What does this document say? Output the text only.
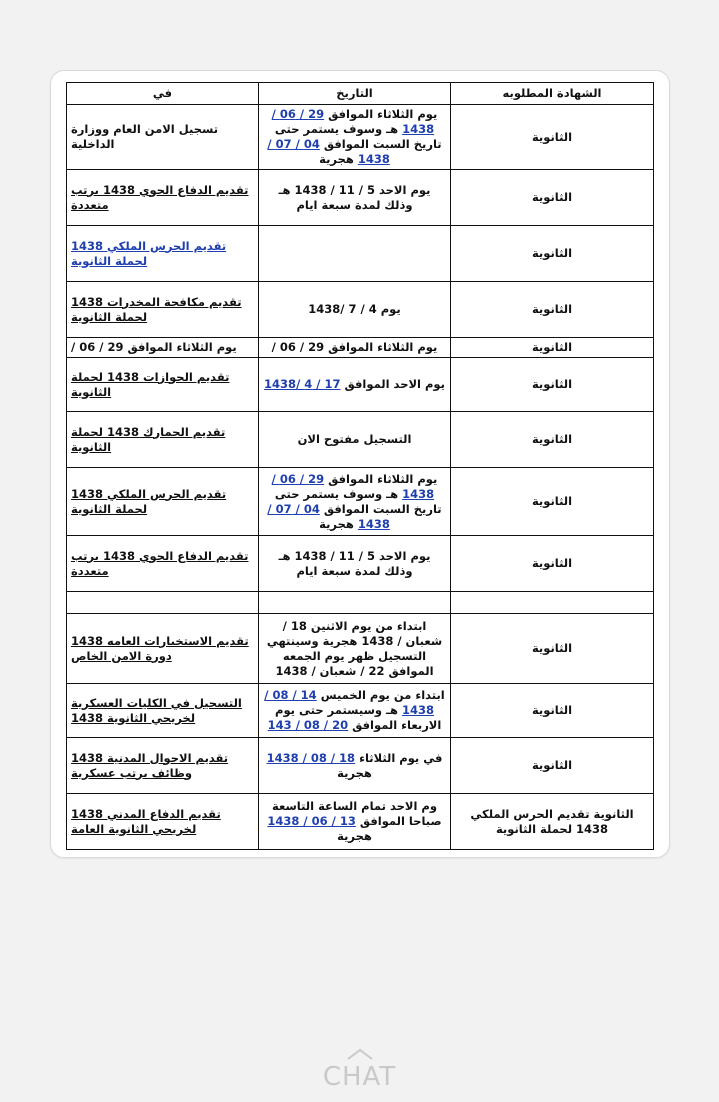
في	التاريخ	الشهادة المطلوبه
تسجيل الامن العام ووزارة الداخلية	يوم الثلاثاء الموافق 29 / 06 / 1438 هـ وسوف يستمر حتى تاريخ السبت الموافق 04 / 07 / 1438 هجرية	الثانوية
تقديم الدفاع الجوي 1438 برتب متعددة	يوم الاحد 5 / 11 / 1438 هـ وذلك لمدة سبعة ايام	الثانوية
تقديم الحرس الملكي 1438 لحملة الثانوية		الثانوية
تقديم مكافحة المخدرات 1438 لحملة الثانوية	يوم 4 / 7 /1438	الثانوية
يوم الثلاثاء الموافق 29 / 06 /	يوم الثلاثاء الموافق 29 / 06 /	الثانوية
تقديم الجوازات 1438 لحملة الثانوية	يوم الاحد الموافق 17 / 4 /1438	الثانوية
تقديم الجمارك 1438 لحملة الثانوية	التسجيل مفتوح الان	الثانوية
تقديم الحرس الملكي 1438 لحملة الثانوية	يوم الثلاثاء الموافق 29 / 06 / 1438 هـ وسوف يستمر حتى تاريخ السبت الموافق 04 / 07 / 1438 هجرية	الثانوية
تقديم الدفاع الجوي 1438 برتب متعددة	يوم الاحد 5 / 11 / 1438 هـ وذلك لمدة سبعة ايام	الثانوية

تقديم الاستخبارات العامه 1438 دورة الامن الخاص	ابتداء من يوم الاثنين 18 / شعبان / 1438 هجرية وسينتهي التسجيل ظهر يوم الجمعه الموافق 22 / شعبان / 1438	الثانوية
التسجيل في الكليات العسكرية لخريجي الثانوية 1438	ابتداء من يوم الخميس 14 / 08 / 1438 هـ وسيستمر حتى يوم الاربعاء الموافق 20 / 08 / 143	الثانوية
تقديم الاحوال المدنية 1438 وظائف برتب عسكرية	في يوم الثلاثاء 18 / 08 / 1438 هجرية	الثانوية
تقديم الدفاع المدني 1438 لخريجي الثانوية العامة	وم الاحد تمام الساعة التاسعة صباحا الموافق 13 / 06 / 1438 هجرية	الثانوية تقديم الحرس الملكي 1438 لحملة الثانوية
CHAT
